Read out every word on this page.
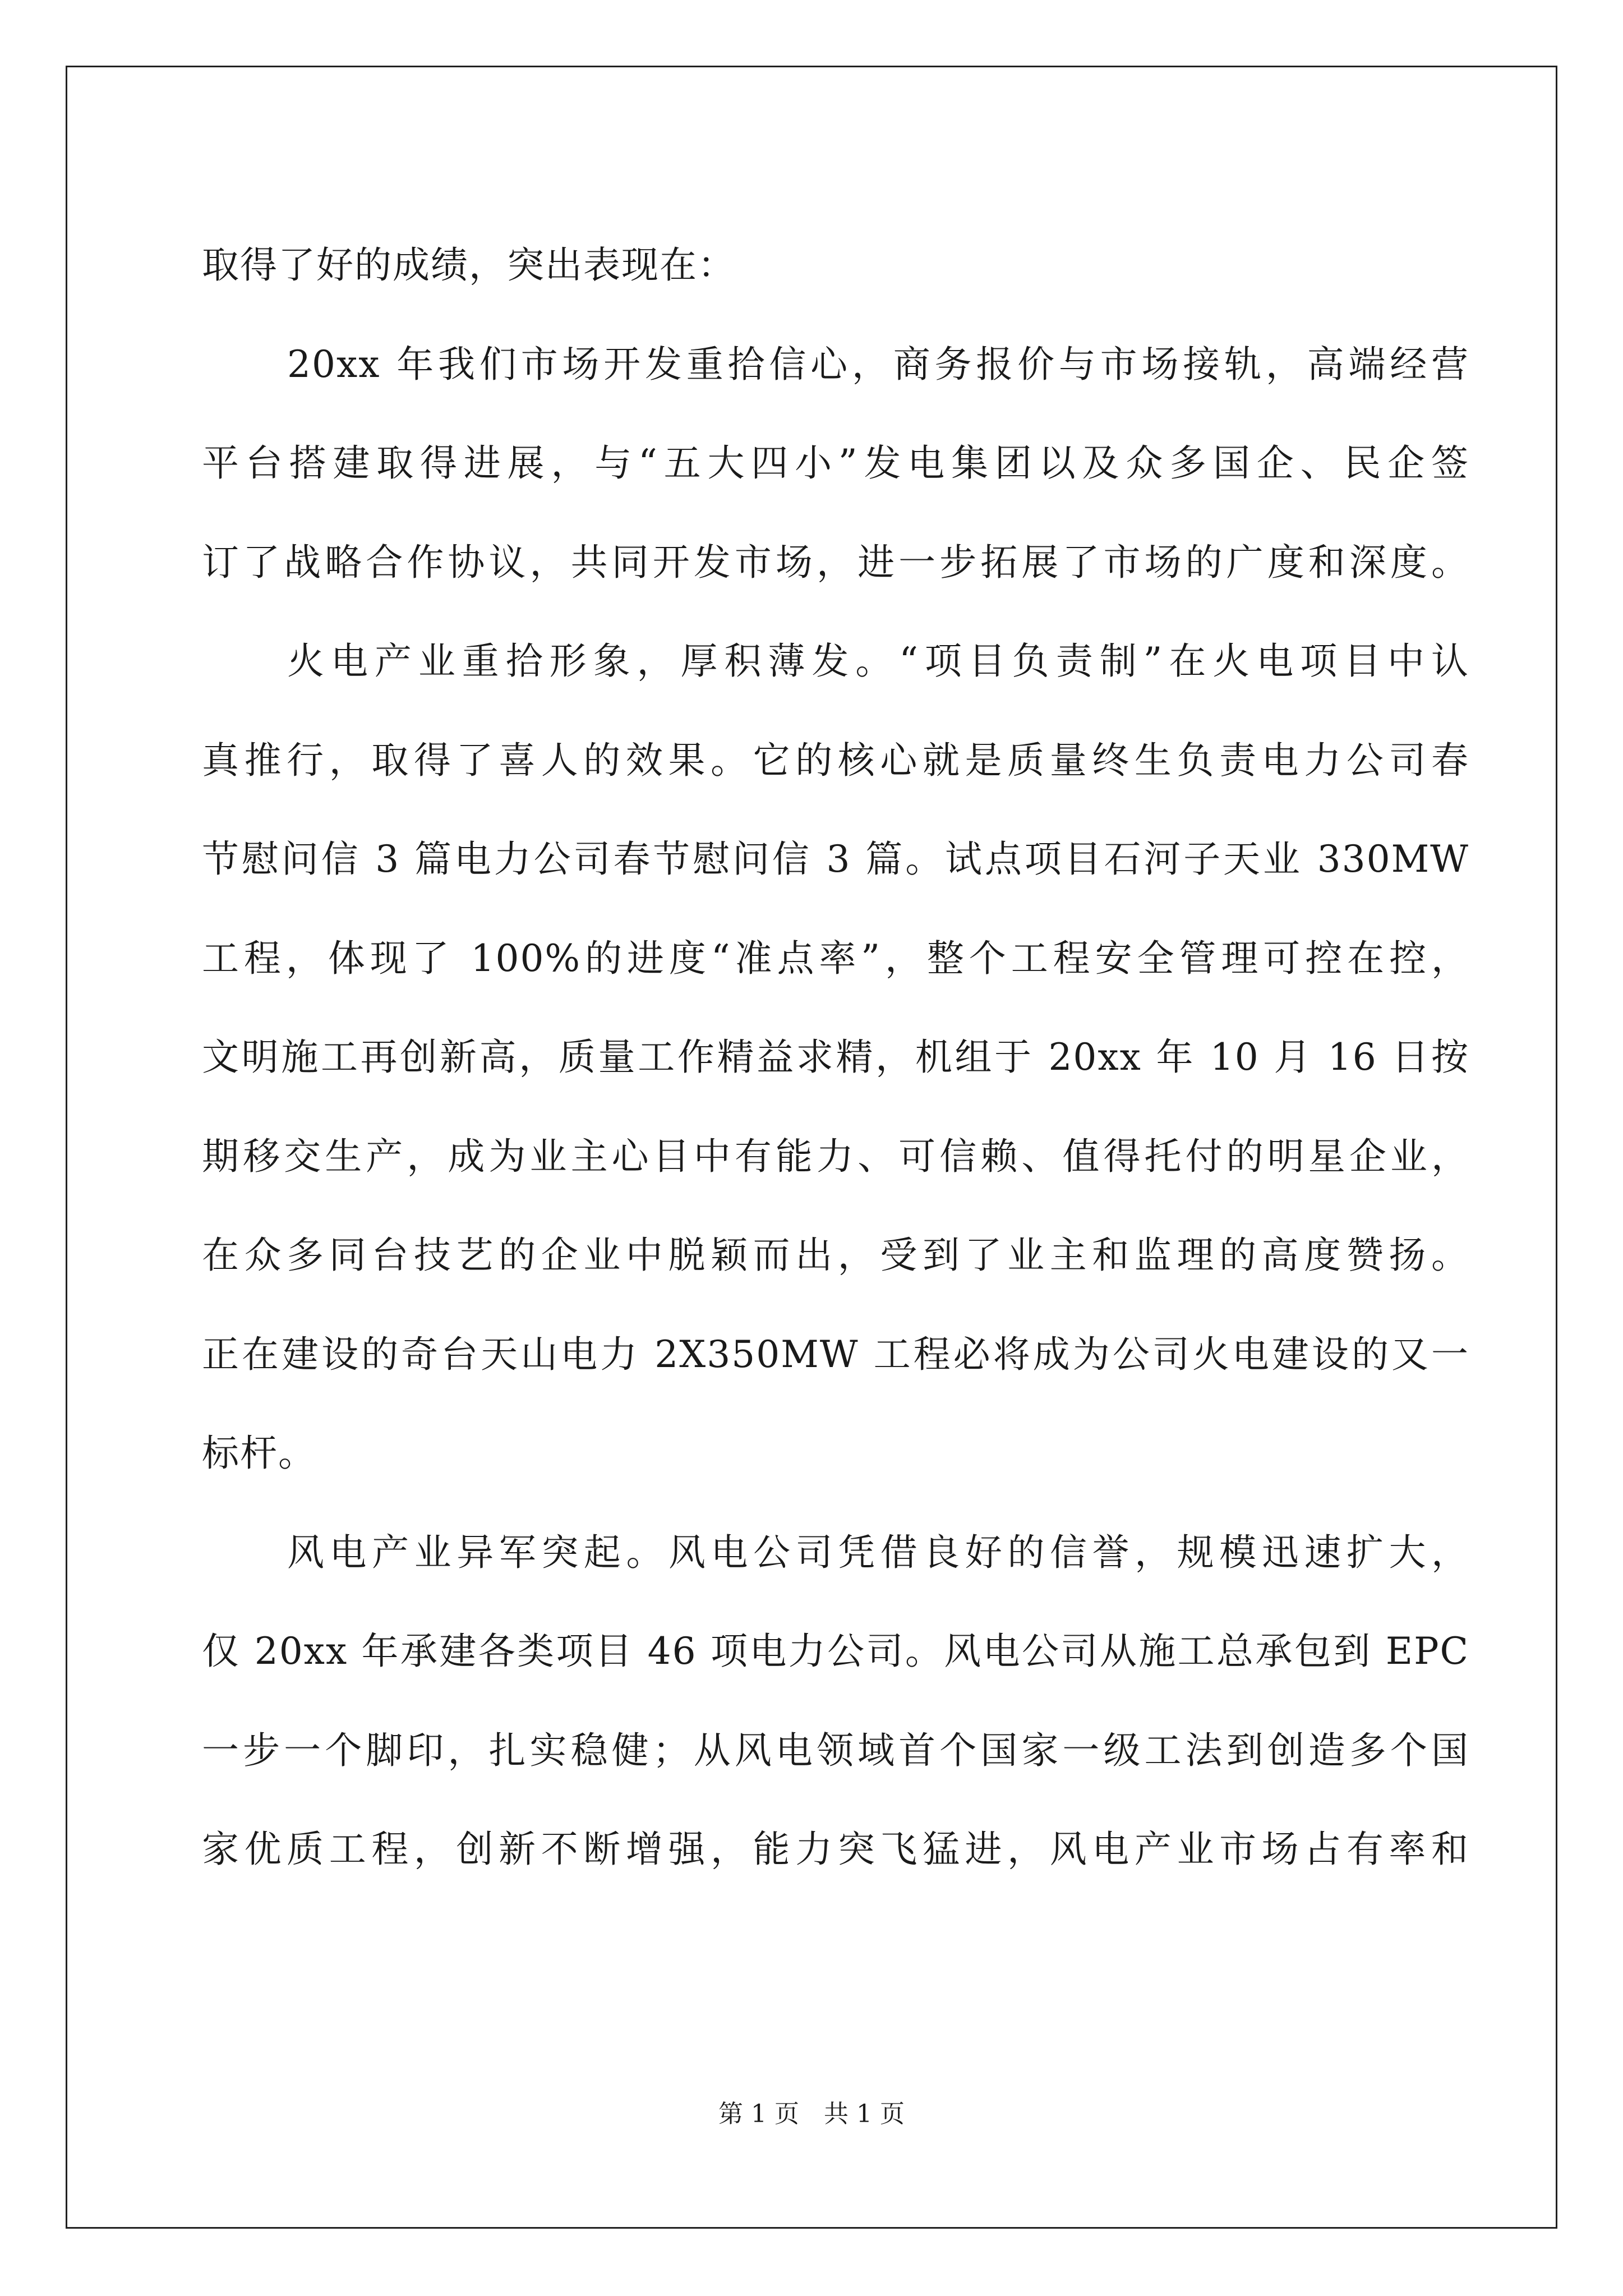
取得了好的成绩，突出表现在：
20xx 年我们市场开发重拾信心，商务报价与市场接轨，高端经营
平台搭建取得进展，与“五大四小”发电集团以及众多国企、民企签
订了战略合作协议，共同开发市场，进一步拓展了市场的广度和深度。
火电产业重拾形象，厚积薄发。“项目负责制”在火电项目中认
真推行，取得了喜人的效果。它的核心就是质量终生负责电力公司春
节慰问信 3 篇电力公司春节慰问信 3 篇。试点项目石河子天业 330MW
工程，体现了 100%的进度“准点率”，整个工程安全管理可控在控，
文明施工再创新高，质量工作精益求精，机组于 20xx 年 10 月 16 日按
期移交生产，成为业主心目中有能力、可信赖、值得托付的明星企业，
在众多同台技艺的企业中脱颖而出，受到了业主和监理的高度赞扬。
正在建设的奇台天山电力 2X350MW 工程必将成为公司火电建设的又一
标杆。
风电产业异军突起。风电公司凭借良好的信誉，规模迅速扩大，
仅 20xx 年承建各类项目 46 项电力公司。风电公司从施工总承包到 EPC
一步一个脚印，扎实稳健；从风电领域首个国家一级工法到创造多个国
家优质工程，创新不断增强，能力突飞猛进，风电产业市场占有率和
第 1 页　共 1 页
